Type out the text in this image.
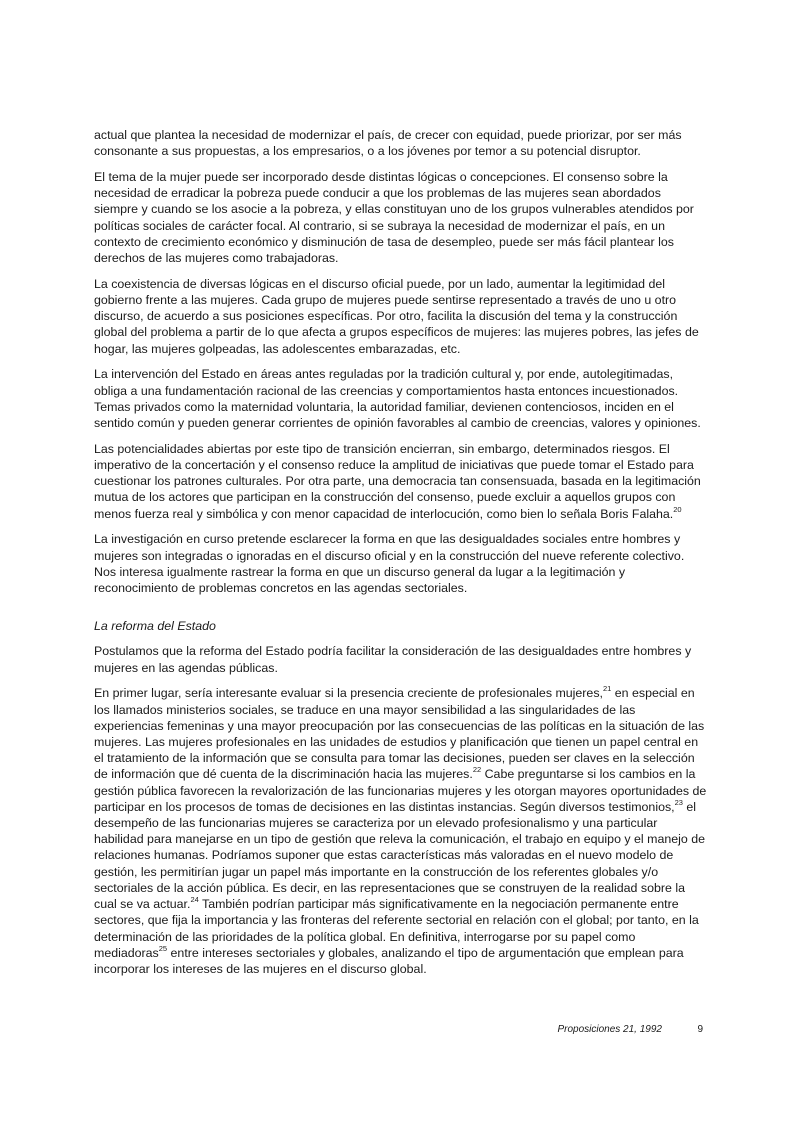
actual que plantea la necesidad de modernizar el país, de crecer con equidad, puede priorizar, por ser más consonante a sus propuestas, a los empresarios, o a los jóvenes por temor a su potencial disruptor.

El tema de la mujer puede ser incorporado desde distintas lógicas o concepciones. El consenso sobre la necesidad de erradicar la pobreza puede conducir a que los problemas de las mujeres sean abordados siempre y cuando se los asocie a la pobreza, y ellas constituyan uno de los grupos vulnerables atendidos por políticas sociales de carácter focal. Al contrario, si se subraya la necesidad de modernizar el país, en un contexto de crecimiento económico y disminución de tasa de desempleo, puede ser más fácil plantear los derechos de las mujeres como trabajadoras.

La coexistencia de diversas lógicas en el discurso oficial puede, por un lado, aumentar la legitimidad del gobierno frente a las mujeres. Cada grupo de mujeres puede sentirse representado a través de uno u otro discurso, de acuerdo a sus posiciones específicas. Por otro, facilita la discusión del tema y la construcción global del problema a partir de lo que afecta a grupos específicos de mujeres: las mujeres pobres, las jefes de hogar, las mujeres golpeadas, las adolescentes embarazadas, etc.

La intervención del Estado en áreas antes reguladas por la tradición cultural y, por ende, autolegitimadas, obliga a una fundamentación racional de las creencias y comportamientos hasta entonces incuestionados. Temas privados como la maternidad voluntaria, la autoridad familiar, devienen contenciosos, inciden en el sentido común y pueden generar corrientes de opinión favorables al cambio de creencias, valores y opiniones.

Las potencialidades abiertas por este tipo de transición encierran, sin embargo, determinados riesgos. El imperativo de la concertación y el consenso reduce la amplitud de iniciativas que puede tomar el Estado para cuestionar los patrones culturales. Por otra parte, una democracia tan consensuada, basada en la legitimación mutua de los actores que participan en la construcción del consenso, puede excluir a aquellos grupos con menos fuerza real y simbólica y con menor capacidad de interlocución, como bien lo señala Boris Falaha.$^{20}$

La investigación en curso pretende esclarecer la forma en que las desigualdades sociales entre hombres y mujeres son integradas o ignoradas en el discurso oficial y en la construcción del nueve referente colectivo. Nos interesa igualmente rastrear la forma en que un discurso general da lugar a la legitimación y reconocimiento de problemas concretos en las agendas sectoriales.

La reforma del Estado

Postulamos que la reforma del Estado podría facilitar la consideración de las desigualdades entre hombres y mujeres en las agendas públicas.

En primer lugar, sería interesante evaluar si la presencia creciente de profesionales mujeres,$^{21}$ en especial en los llamados ministerios sociales, se traduce en una mayor sensibilidad a las singularidades de las experiencias femeninas y una mayor preocupación por las consecuencias de las políticas en la situación de las mujeres. Las mujeres profesionales en las unidades de estudios y planificación que tienen un papel central en el tratamiento de la información que se consulta para tomar las decisiones, pueden ser claves en la selección de información que dé cuenta de la discriminación hacia las mujeres.$^{22}$ Cabe preguntarse si los cambios en la gestión pública favorecen la revalorización de las funcionarias mujeres y les otorgan mayores oportunidades de participar en los procesos de tomas de decisiones en las distintas instancias. Según diversos testimonios,$^{23}$ el desempeño de las funcionarias mujeres se caracteriza por un elevado profesionalismo y una particular habilidad para manejarse en un tipo de gestión que releva la comunicación, el trabajo en equipo y el manejo de relaciones humanas. Podríamos suponer que estas características más valoradas en el nuevo modelo de gestión, les permitirían jugar un papel más importante en la construcción de los referentes globales y/o sectoriales de la acción pública. Es decir, en las representaciones que se construyen de la realidad sobre la cual se va actuar.$^{24}$ También podrían participar más significativamente en la negociación permanente entre sectores, que fija la importancia y las fronteras del referente sectorial en relación con el global; por tanto, en la determinación de las prioridades de la política global. En definitiva, interrogarse por su papel como mediadoras$^{25}$ entre intereses sectoriales y globales, analizando el tipo de argumentación que emplean para incorporar los intereses de las mujeres en el discurso global.

Proposiciones 21, 1992	9
